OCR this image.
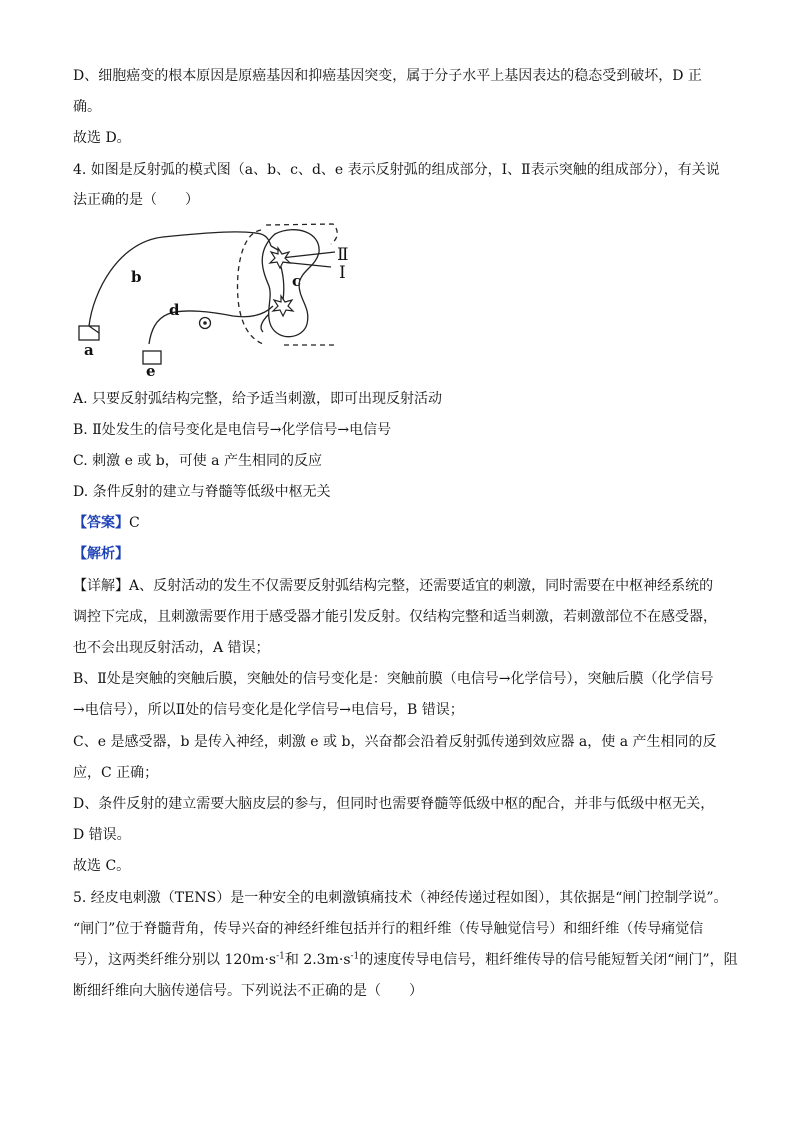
D、细胞癌变的根本原因是原癌基因和抑癌基因突变，属于分子水平上基因表达的稳态受到破坏，D 正
确。
故选 D。
4. 如图是反射弧的模式图（a、b、c、d、e 表示反射弧的组成部分，I、Ⅱ表示突触的组成部分），有关说
法正确的是（　　）
b
d
c
a
e
Ⅱ
I
A. 只要反射弧结构完整，给予适当刺激，即可出现反射活动
B. Ⅱ处发生的信号变化是电信号→化学信号→电信号
C. 刺激 e 或 b，可使 a 产生相同的反应
D. 条件反射的建立与脊髓等低级中枢无关
【答案】C
【解析】
【详解】A、反射活动的发生不仅需要反射弧结构完整，还需要适宜的刺激，同时需要在中枢神经系统的
调控下完成，且刺激需要作用于感受器才能引发反射。仅结构完整和适当刺激，若刺激部位不在感受器，
也不会出现反射活动，A 错误；
B、Ⅱ处是突触的突触后膜，突触处的信号变化是：突触前膜（电信号→化学信号），突触后膜（化学信号
→电信号），所以Ⅱ处的信号变化是化学信号→电信号，B 错误；
C、e 是感受器，b 是传入神经，刺激 e 或 b，兴奋都会沿着反射弧传递到效应器 a，使 a 产生相同的反
应，C 正确；
D、条件反射的建立需要大脑皮层的参与，但同时也需要脊髓等低级中枢的配合，并非与低级中枢无关，
D 错误。
故选 C。
5. 经皮电刺激（TENS）是一种安全的电刺激镇痛技术（神经传递过程如图），其依据是“闸门控制学说”。
“闸门”位于脊髓背角，传导兴奋的神经纤维包括并行的粗纤维（传导触觉信号）和细纤维（传导痛觉信
号），这两类纤维分别以 $120m\cdot s^{-1}$和 $2.3m\cdot s^{-1}$的速度传导电信号，粗纤维传导的信号能短暂关闭“闸门”，阻
断细纤维向大脑传递信号。下列说法不正确的是（　　）
